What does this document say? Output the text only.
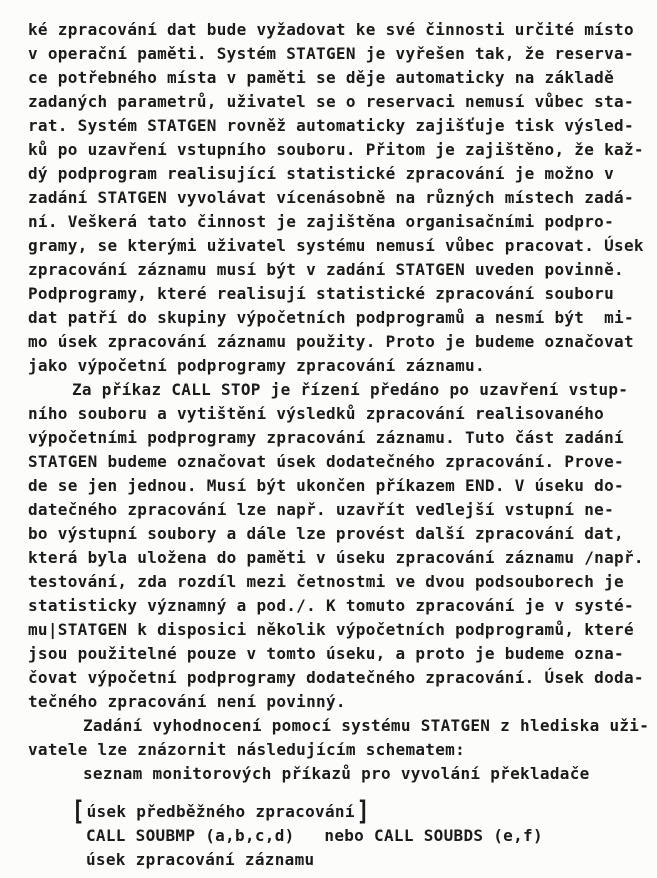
ké zpracování dat bude vyžadovat ke své činnosti určité místo
v operační paměti. Systém STATGEN je vyřešen tak, že reserva-
ce potřebného místa v paměti se děje automaticky na základě
zadaných parametrů, uživatel se o reservaci nemusí vůbec sta-
rat. Systém STATGEN rovněž automaticky zajišťuje tisk výsled-
ků po uzavření vstupního souboru. Přitom je zajištěno, že kaž-
dý podprogram realisující statistické zpracování je možno v
zadání STATGEN vyvolávat vícenásobně na různých místech zadá-
ní. Veškerá tato činnost je zajištěna organisačními podpro-
gramy, se kterými uživatel systému nemusí vůbec pracovat. Úsek
zpracování záznamu musí být v zadání STATGEN uveden povinně.
Podprogramy, které realisují statistické zpracování souboru
dat patří do skupiny výpočetních podprogramů a nesmí být  mi-
mo úsek zpracování záznamu použity. Proto je budeme označovat
jako výpočetní podprogramy zpracování záznamu.
Za příkaz CALL STOP je řízení předáno po uzavření vstup-
ního souboru a vytištění výsledků zpracování realisovaného
výpočetními podprogramy zpracování záznamu. Tuto část zadání
STATGEN budeme označovat úsek dodatečného zpracování. Prove-
de se jen jednou. Musí být ukončen příkazem END. V úseku do-
datečného zpracování lze např. uzavřít vedlejší vstupní ne-
bo výstupní soubory a dále lze provést další zpracování dat,
která byla uložena do paměti v úseku zpracování záznamu /např.
testování, zda rozdíl mezi četnostmi ve dvou podsouborech je
statisticky významný a pod./. K tomuto zpracování je v systé-
mu|STATGEN k disposici několik výpočetních podprogramů, které
jsou použitelné pouze v tomto úseku, a proto je budeme ozna-
čovat výpočetní podprogramy dodatečného zpracování. Úsek doda-
tečného zpracování není povinný.
Zadání vyhodnocení pomocí systému STATGEN z hlediska uži-
vatele lze znázornit následujícím schematem:
seznam monitorových příkazů pro vyvolání překladače
[ úsek předběžného zpracování]
CALL SOUBMP (a,b,c,d)   nebo CALL SOUBDS (e,f)
úsek zpracování záznamu
